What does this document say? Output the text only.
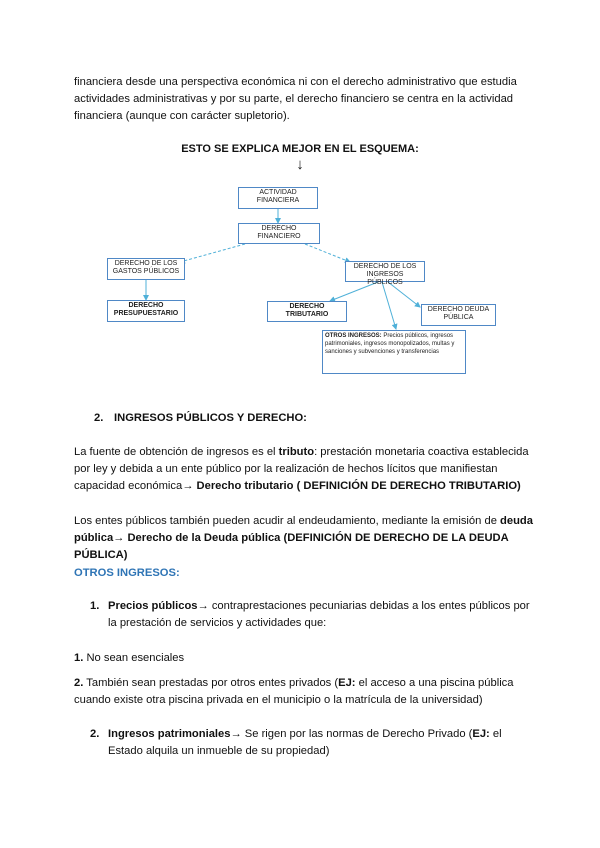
financiera desde una perspectiva económica ni con el derecho administrativo que estudia actividades administrativas y por su parte, el derecho financiero se centra en la actividad financiera (aunque con carácter supletorio).
ESTO SE EXPLICA MEJOR EN EL ESQUEMA:
↓
ACTIVIDAD FINANCIERA
DERECHO FINANCIERO
DERECHO DE LOS GASTOS PÚBLICOS
DERECHO DE LOS INGRESOS PÚBLICOS
DERECHO PRESUPUESTARIO
DERECHO TRIBUTARIO
DERECHO DEUDA PÚBLICA
OTROS INGRESOS: Precios públicos, ingresos patrimoniales, ingresos monopolizados, multas y sanciones y subvenciones y transferencias
2. INGRESOS PÚBLICOS Y DERECHO:
La fuente de obtención de ingresos es el tributo: prestación monetaria coactiva establecida por ley y debida a un ente público por la realización de hechos lícitos que manifiestan capacidad económica→ Derecho tributario ( DEFINICIÓN DE DERECHO TRIBUTARIO)
Los entes públicos también pueden acudir al endeudamiento, mediante la emisión de deuda pública→ Derecho de la Deuda pública (DEFINICIÓN DE DERECHO DE LA DEUDA PÚBLICA)
OTROS INGRESOS:
1. Precios públicos→ contraprestaciones pecuniarias debidas a los entes públicos por la prestación de servicios y actividades que:
1. No sean esenciales
2. También sean prestadas por otros entes privados (EJ: el acceso a una piscina pública cuando existe otra piscina privada en el municipio o la matrícula de la universidad)
2. Ingresos patrimoniales→ Se rigen por las normas de Derecho Privado (EJ: el Estado alquila un inmueble de su propiedad)
